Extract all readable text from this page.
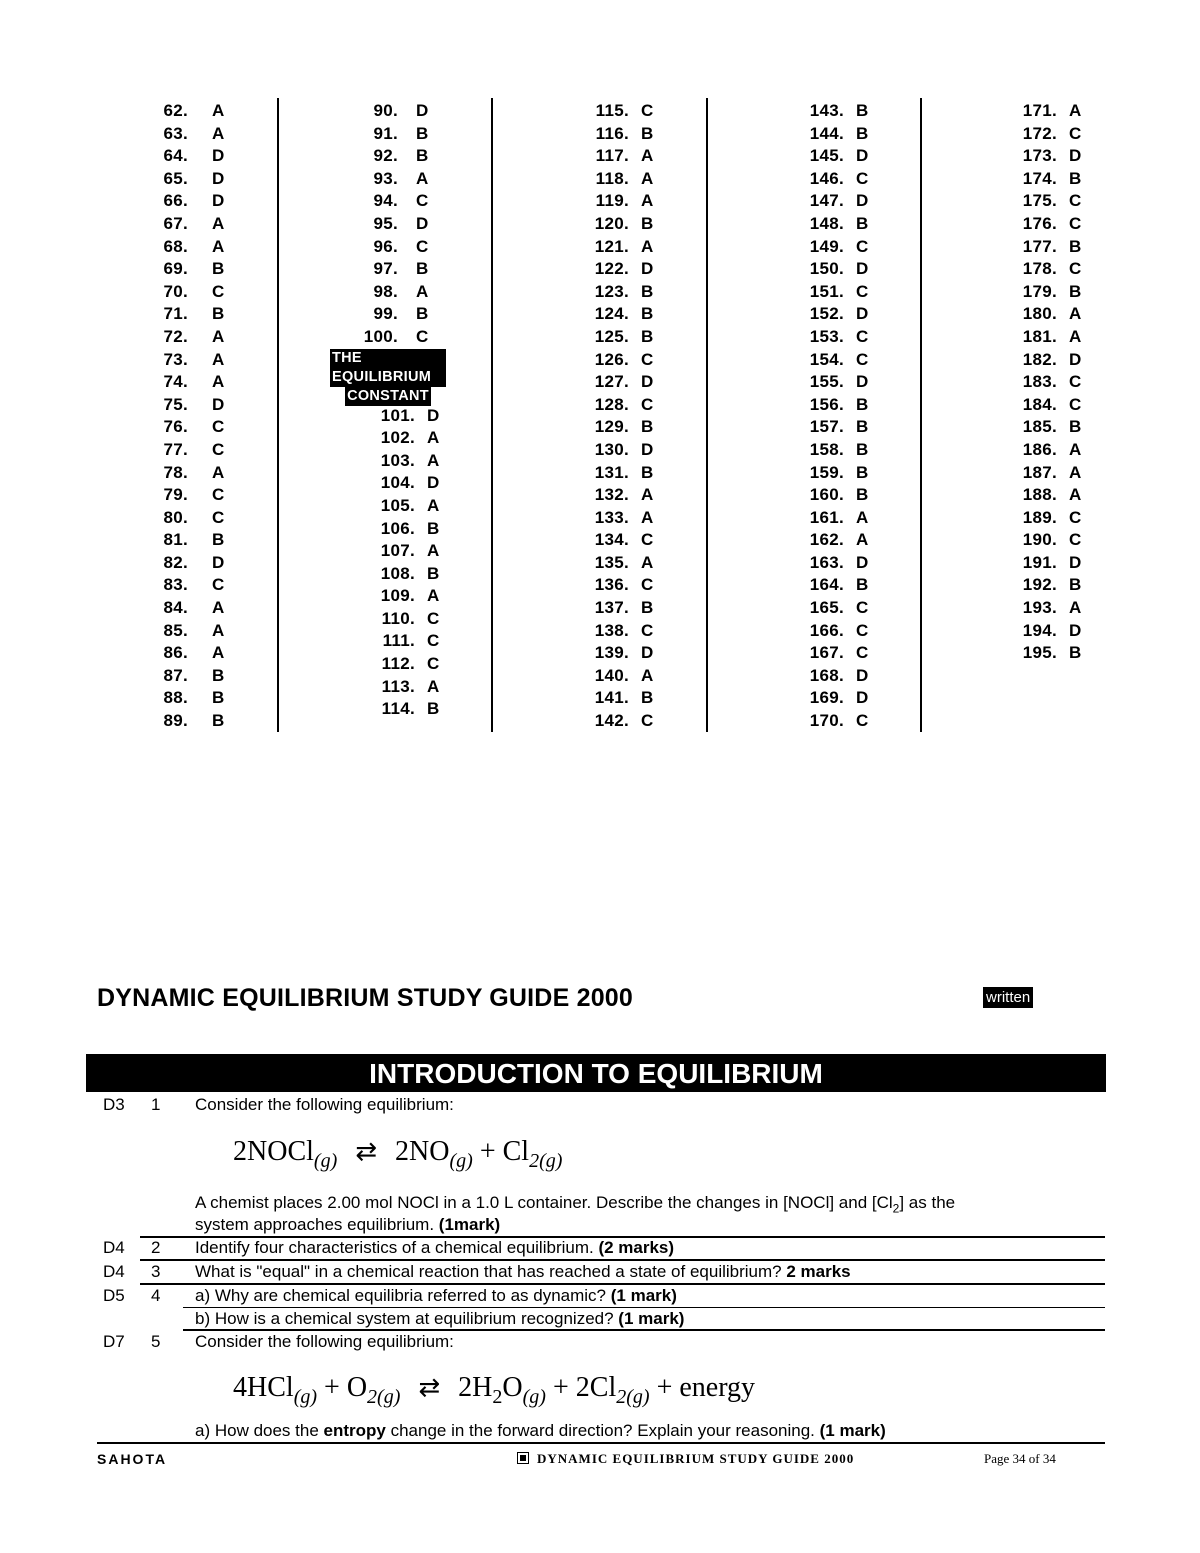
62. A
63. A
64. D
65. D
66. D
67. A
68. A
69. B
70. C
71. B
72. A
73. A
74. A
75. D
76. C
77. C
78. A
79. C
80. C
81. B
82. D
83. C
84. A
85. A
86. A
87. B
88. B
89. B
90. D
91. B
92. B
93. A
94. C
95. D
96. C
97. B
98. A
99. B
100. C
THE EQUILIBRIUM
CONSTANT
101. D
102. A
103. A
104. D
105. A
106. B
107. A
108. B
109. A
110. C
111. C
112. C
113. A
114. B
115. C
116. B
117. A
118. A
119. A
120. B
121. A
122. D
123. B
124. B
125. B
126. C
127. D
128. C
129. B
130. D
131. B
132. A
133. A
134. C
135. A
136. C
137. B
138. C
139. D
140. A
141. B
142. C
143. B
144. B
145. D
146. C
147. D
148. B
149. C
150. D
151. C
152. D
153. C
154. C
155. D
156. B
157. B
158. B
159. B
160. B
161. A
162. A
163. D
164. B
165. C
166. C
167. C
168. D
169. D
170. C
171. A
172. C
173. D
174. B
175. C
176. C
177. B
178. C
179. B
180. A
181. A
182. D
183. C
184. C
185. B
186. A
187. A
188. A
189. C
190. C
191. D
192. B
193. A
194. D
195. B
DYNAMIC EQUILIBRIUM STUDY GUIDE 2000	written
INTRODUCTION TO EQUILIBRIUM
D3 1 Consider the following equilibrium:
2NOCl$_{(g)}$ ⇄ $2NO_{(g)} + Cl_{2(g)}$
A chemist places 2.00 mol NOCl in a 1.0 L container. Describe the changes in [NOCl] and $[Cl_2]$ as the
system approaches equilibrium. (1mark)
D4 2 Identify four characteristics of a chemical equilibrium. (2 marks)
D4 3 What is "equal" in a chemical reaction that has reached a state of equilibrium? 2 marks
D5 4 a) Why are chemical equilibria referred to as dynamic? (1 mark)
b) How is a chemical system at equilibrium recognized? (1 mark)
D7 5 Consider the following equilibrium:
$4HCl_{(g)} + O_{2(g)}$ ⇄ $2H_2O_{(g)} + 2Cl_{2(g)}$ + energy
a) How does the entropy change in the forward direction? Explain your reasoning. (1 mark)
SAHOTA	DYNAMIC EQUILIBRIUM STUDY GUIDE 2000	Page 34 of 34
